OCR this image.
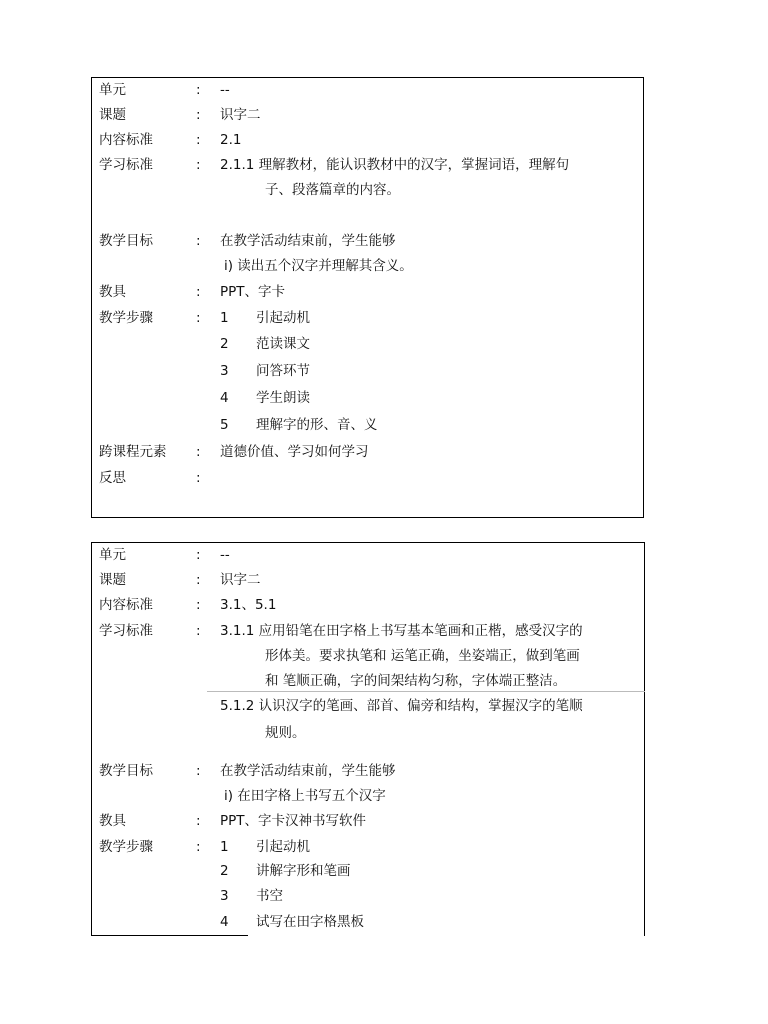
单元	: --
课题	: 识字二
内容标准	: 2.1
学习标准	: 2.1.1 理解教材，能认识教材中的汉字，掌握词语，理解句
子、段落篇章的内容。
教学目标	: 在教学活动结束前，学生能够
i) 读出五个汉字并理解其含义。
教具	: PPT、字卡
教学步骤	: 1 引起动机
2 范读课文
3 问答环节
4 学生朗读
5 理解字的形、音、义
跨课程元素 : 道德价值、学习如何学习
反思	:
单元	: --
课题	: 识字二
内容标准	: 3.1、5.1
学习标准	: 3.1.1 应用铅笔在田字格上书写基本笔画和正楷，感受汉字的
形体美。要求执笔和 运笔正确，坐姿端正，做到笔画
和 笔顺正确，字的间架结构匀称，字体端正整洁。
5.1.2 认识汉字的笔画、部首、偏旁和结构，掌握汉字的笔顺
规则。
教学目标	: 在教学活动结束前，学生能够
i) 在田字格上书写五个汉字
教具	: PPT、字卡汉神书写软件
教学步骤	: 1 引起动机
2 讲解字形和笔画
3 书空
4 试写在田字格黑板
